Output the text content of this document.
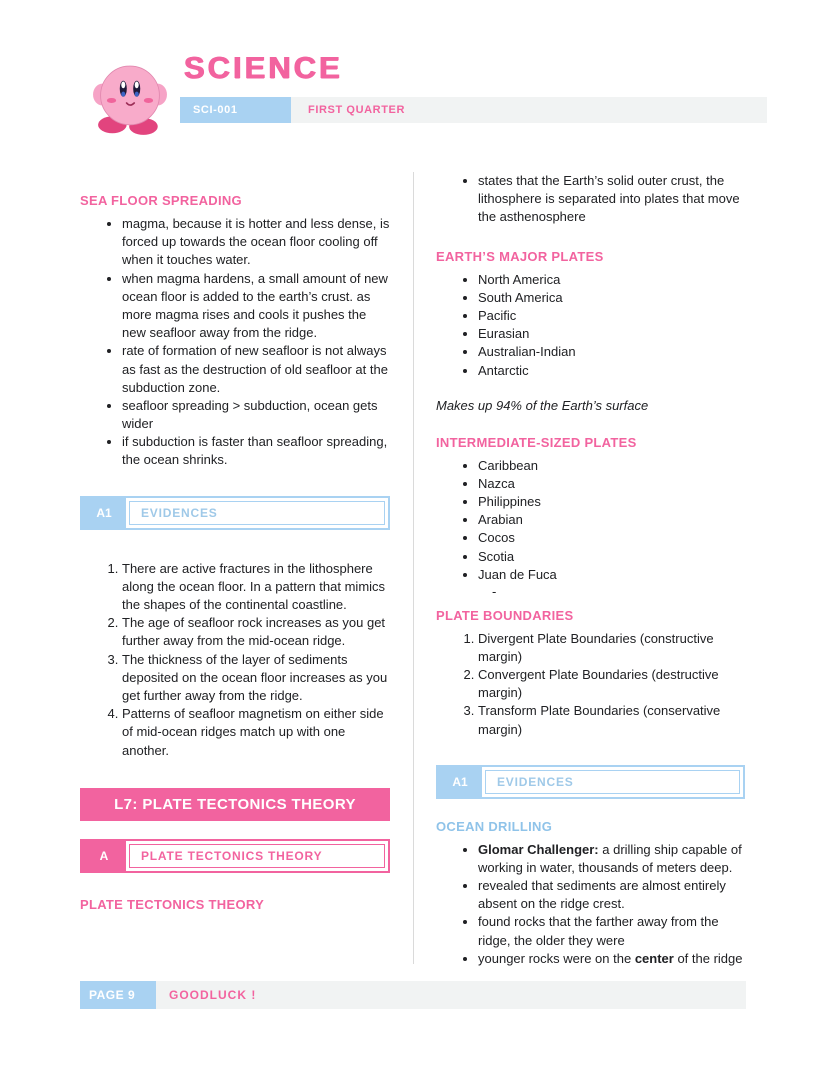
SCIENCE
SCI-001	FIRST QUARTER
SEA FLOOR SPREADING
• magma, because it is hotter and less dense, is forced up towards the ocean floor cooling off when it touches water.
• when magma hardens, a small amount of new ocean floor is added to the earth’s crust. as more magma rises and cools it pushes the new seafloor away from the ridge.
• rate of formation of new seafloor is not always as fast as the destruction of old seafloor at the subduction zone.
• seafloor spreading > subduction, ocean gets wider
• if subduction is faster than seafloor spreading, the ocean shrinks.
A1	EVIDENCES
1. There are active fractures in the lithosphere along the ocean floor. In a pattern that mimics the shapes of the continental coastline.
2. The age of seafloor rock increases as you get further away from the mid-ocean ridge.
3. The thickness of the layer of sediments deposited on the ocean floor increases as you get further away from the ridge.
4. Patterns of seafloor magnetism on either side of mid-ocean ridges match up with one another.
L7: PLATE TECTONICS THEORY
A	PLATE TECTONICS THEORY
PLATE TECTONICS THEORY
• states that the Earth’s solid outer crust, the lithosphere is separated into plates that move the asthenosphere
EARTH’S MAJOR PLATES
• North America
• South America
• Pacific
• Eurasian
• Australian-Indian
• Antarctic
Makes up 94% of the Earth’s surface
INTERMEDIATE-SIZED PLATES
• Caribbean
• Nazca
• Philippines
• Arabian
• Cocos
• Scotia
• Juan de Fuca
-
PLATE BOUNDARIES
1. Divergent Plate Boundaries (constructive margin)
2. Convergent Plate Boundaries (destructive margin)
3. Transform Plate Boundaries (conservative margin)
A1	EVIDENCES
OCEAN DRILLING
• Glomar Challenger: a drilling ship capable of working in water, thousands of meters deep.
• revealed that sediments are almost entirely absent on the ridge crest.
• found rocks that the farther away from the ridge, the older they were
• younger rocks were on the center of the ridge
PAGE 9	GOODLUCK !
